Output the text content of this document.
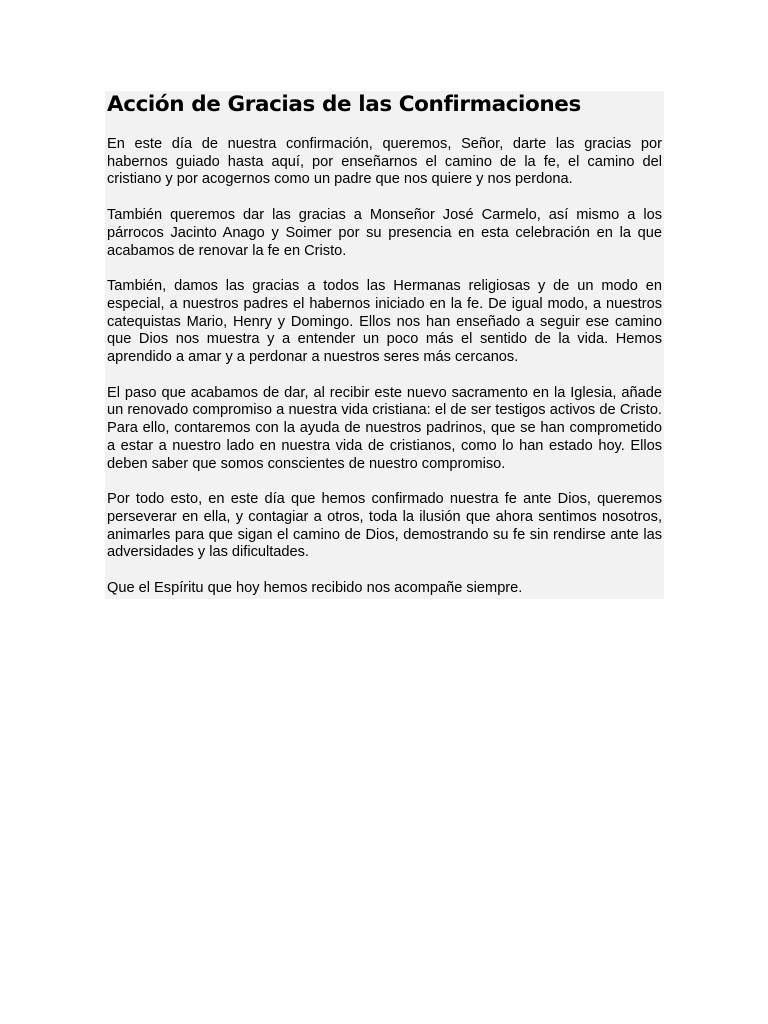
Acción de Gracias de las Confirmaciones

En este día de nuestra confirmación, queremos, Señor, darte las gracias por habernos guiado hasta aquí, por enseñarnos el camino de la fe, el camino del cristiano y por acogernos como un padre que nos quiere y nos perdona.

También queremos dar las gracias a Monseñor José Carmelo, así mismo a los párrocos Jacinto Anago y Soimer por su presencia en esta celebración en la que acabamos de renovar la fe en Cristo.

También, damos las gracias a todos las Hermanas religiosas y de un modo en especial, a nuestros padres el habernos iniciado en la fe. De igual modo, a nuestros catequistas Mario, Henry y Domingo. Ellos nos han enseñado a seguir ese camino que Dios nos muestra y a entender un poco más el sentido de la vida. Hemos aprendido a amar y a perdonar a nuestros seres más cercanos.

El paso que acabamos de dar, al recibir este nuevo sacramento en la Iglesia, añade un renovado compromiso a nuestra vida cristiana: el de ser testigos activos de Cristo. Para ello, contaremos con la ayuda de nuestros padrinos, que se han comprometido a estar a nuestro lado en nuestra vida de cristianos, como lo han estado hoy. Ellos deben saber que somos conscientes de nuestro compromiso.

Por todo esto, en este día que hemos confirmado nuestra fe ante Dios, queremos perseverar en ella, y contagiar a otros, toda la ilusión que ahora sentimos nosotros, animarles para que sigan el camino de Dios, demostrando su fe sin rendirse ante las adversidades y las dificultades.

Que el Espíritu que hoy hemos recibido nos acompañe siempre.
